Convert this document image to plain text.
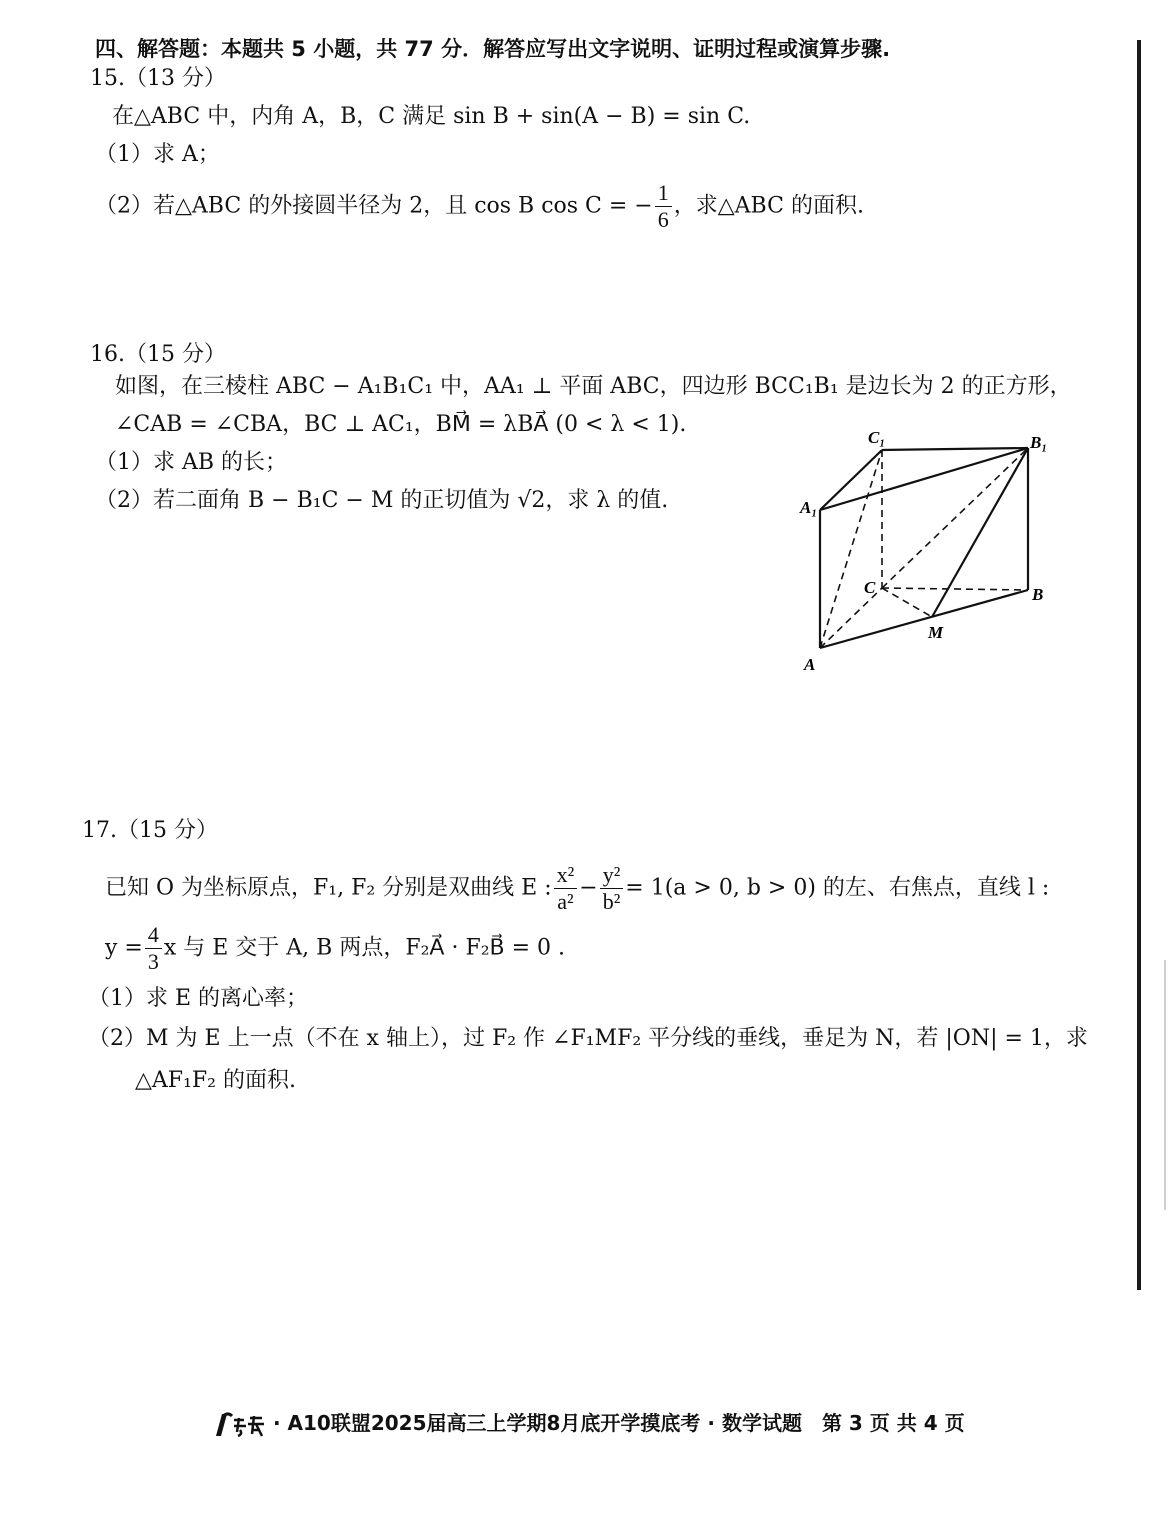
四、解答题：本题共 5 小题，共 77 分．解答应写出文字说明、证明过程或演算步骤.
15.（13 分）
在△ABC 中，内角 A，B，C 满足 sin B + sin(A − B) = sin C.
（1）求 A；
（2）若△ABC 的外接圆半径为 2，且 cos B cos C = − $\frac{1}{6}$ ，求△ABC 的面积.
16.（15 分）
如图，在三棱柱 ABC − A₁B₁C₁ 中，AA₁ ⊥ 平面 ABC，四边形 BCC₁B₁ 是边长为 2 的正方形，
∠CAB = ∠CBA，BC ⊥ AC₁，BM⃗ = λBA⃗ (0 < λ < 1).
（1）求 AB 的长；
（2）若二面角 B − B₁C − M 的正切值为 √2，求 λ 的值.
C₁	B₁
A₁
C	B
M
A
17.（15 分）
已知 O 为坐标原点，F₁, F₂ 分别是双曲线 E : $\frac{\text{x²}}{\text{a²}} - \frac{\text{y²}}{\text{b²}} = 1(a > 0$, b > 0) 的左、右焦点，直线 l :
$y = \frac{4}{3}$ x 与 E 交于 A, B 两点，F₂A⃗ · F₂B⃗ = 0 .
（1）求 E 的离心率；
（2）M 为 E 上一点（不在 x 轴上），过 F₂ 作 ∠F₁MF₂ 平分线的垂线，垂足为 N，若 |ON| = 1，求
△AF₁F₂ 的面积.
· A10联盟2025届高三上学期8月底开学摸底考 · 数学试题　第 3 页 共 4 页
